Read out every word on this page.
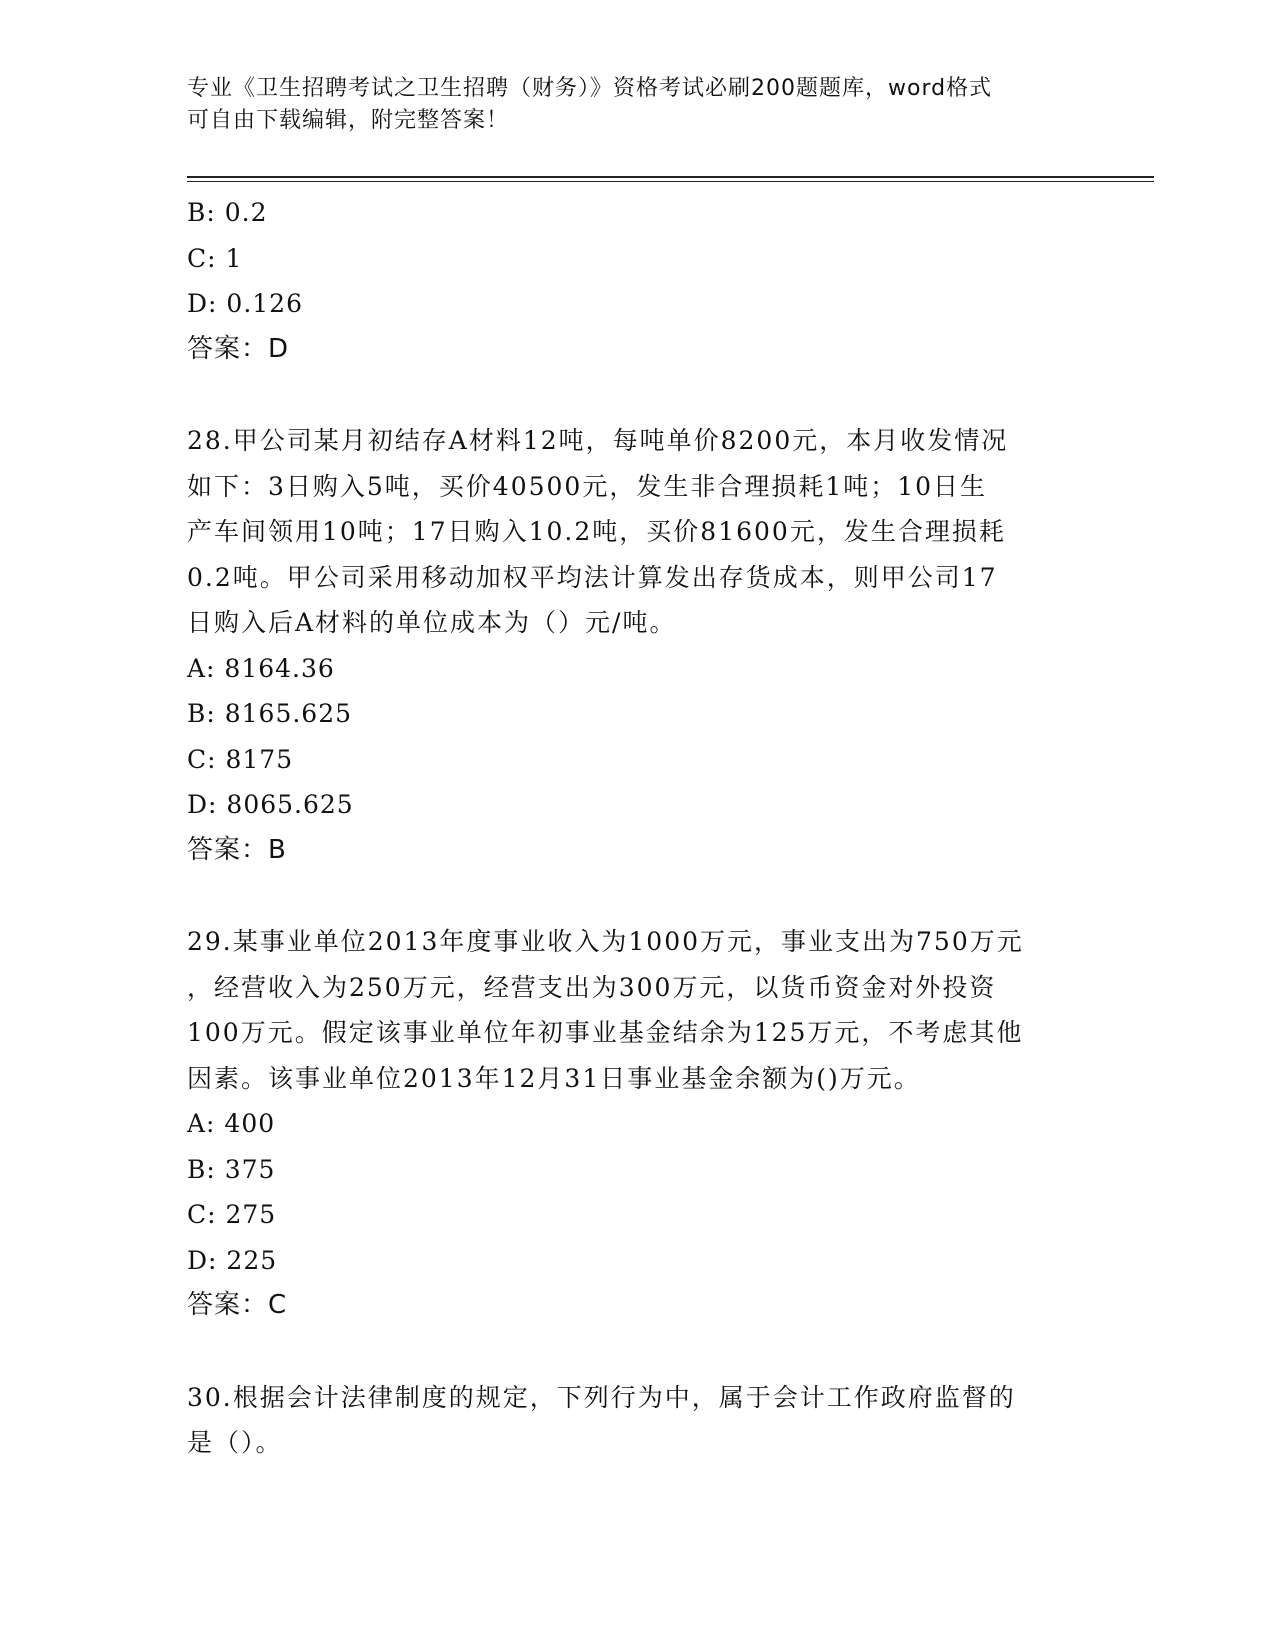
专业《卫生招聘考试之卫生招聘（财务）》资格考试必刷200题题库，word格式
可自由下载编辑，附完整答案！
B: 0.2
C: 1
D: 0.126
答案：D
28.甲公司某月初结存A材料12吨，每吨单价8200元，本月收发情况
如下：3日购入5吨，买价40500元，发生非合理损耗1吨；10日生
产车间领用10吨；17日购入10.2吨，买价81600元，发生合理损耗
0.2吨。甲公司采用移动加权平均法计算发出存货成本，则甲公司17
日购入后A材料的单位成本为（）元/吨。
A: 8164.36
B: 8165.625
C: 8175
D: 8065.625
答案：B
29.某事业单位2013年度事业收入为1000万元，事业支出为750万元
，经营收入为250万元，经营支出为300万元，以货币资金对外投资
100万元。假定该事业单位年初事业基金结余为125万元，不考虑其他
因素。该事业单位2013年12月31日事业基金余额为()万元。
A: 400
B: 375
C: 275
D: 225
答案：C
30.根据会计法律制度的规定，下列行为中，属于会计工作政府监督的
是（）。
